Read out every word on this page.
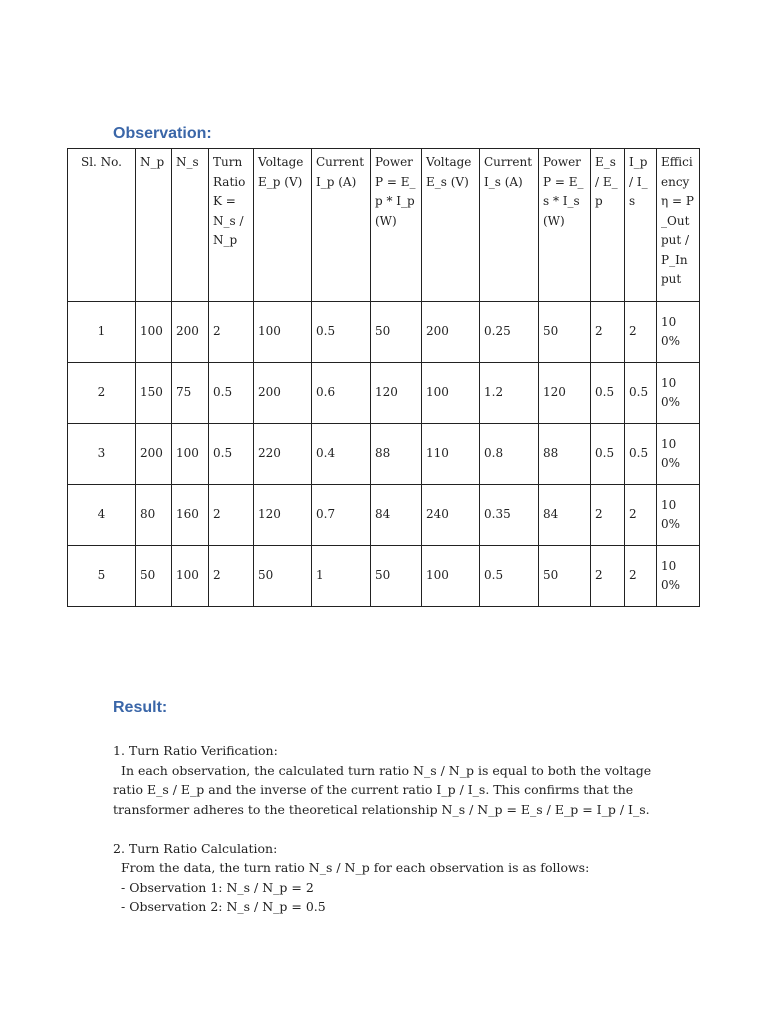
Observation:
Sl. No.	N_p	N_s	Turn Ratio K = N_s / N_p	Voltage E_p (V)	Current I_p (A)	Power P = E_p * I_p (W)	Voltage E_s (V)	Current I_s (A)	Power P = E_s * I_s (W)	E_s / E_p	I_p / I_s	Efficiency η = P_Output / P_Input
1	100	200	2	100	0.5	50	200	0.25	50	2	2	100%
2	150	75	0.5	200	0.6	120	100	1.2	120	0.5	0.5	100%
3	200	100	0.5	220	0.4	88	110	0.8	88	0.5	0.5	100%
4	80	160	2	120	0.7	84	240	0.35	84	2	2	100%
5	50	100	2	50	1	50	100	0.5	50	2	2	100%
Result:

1. Turn Ratio Verification:

In each observation, the calculated turn ratio N_s / N_p is equal to both the voltage ratio E_s / E_p and the inverse of the current ratio I_p / I_s. This confirms that the transformer adheres to the theoretical relationship N_s / N_p = E_s / E_p = I_p / I_s.

2. Turn Ratio Calculation:

From the data, the turn ratio N_s / N_p for each observation is as follows:

- Observation 1: N_s / N_p = 2

- Observation 2: N_s / N_p = 0.5
